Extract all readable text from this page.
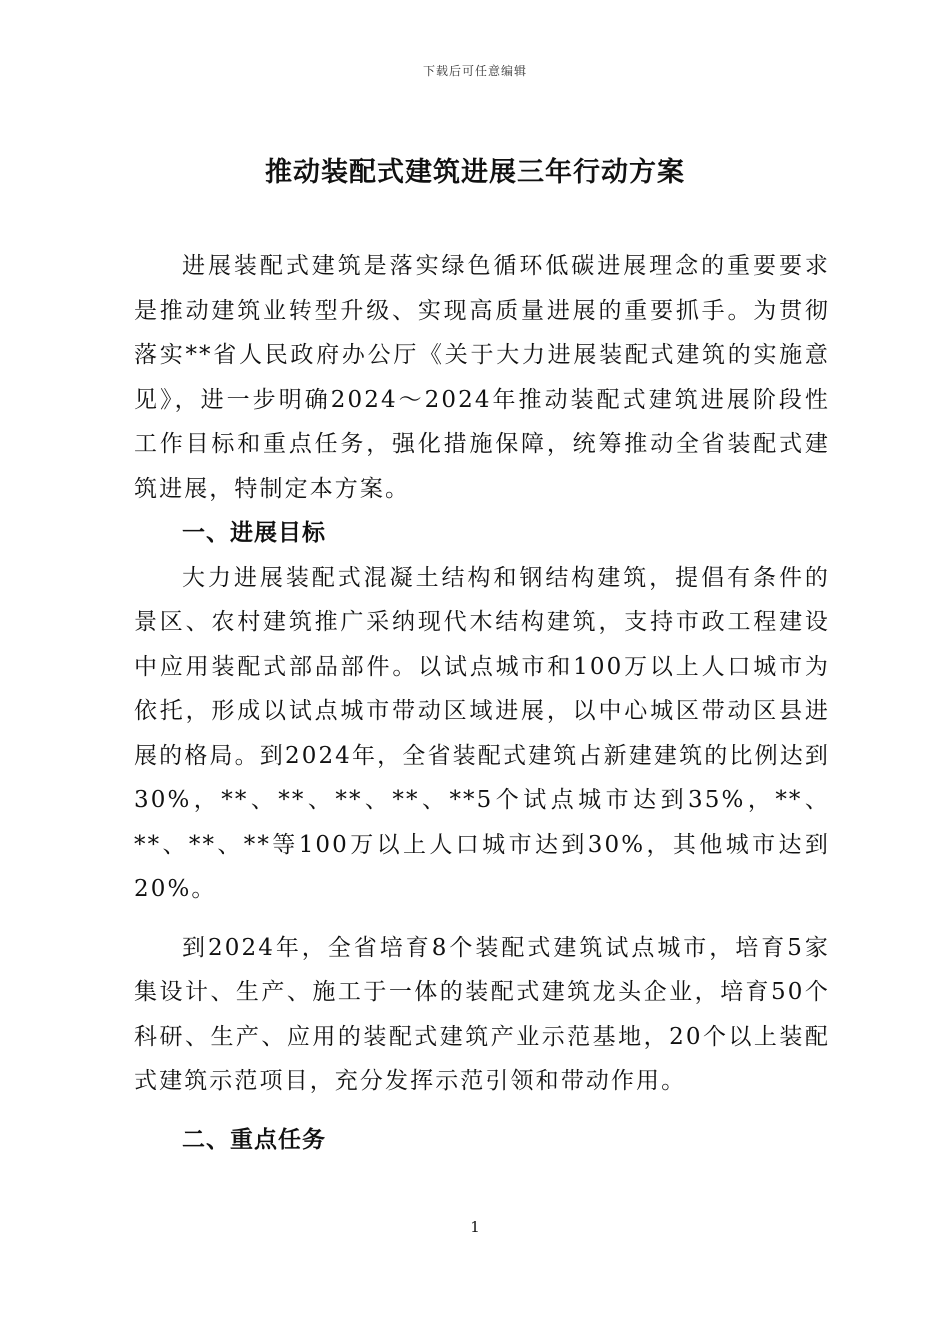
下载后可任意编辑
推动装配式建筑进展三年行动方案

进展装配式建筑是落实绿色循环低碳进展理念的重要要求是推动建筑业转型升级、实现高质量进展的重要抓手。为贯彻落实**省人民政府办公厅《关于大力进展装配式建筑的实施意见》，进一步明确2024～2024年推动装配式建筑进展阶段性工作目标和重点任务，强化措施保障，统筹推动全省装配式建筑进展，特制定本方案。

一、进展目标

大力进展装配式混凝土结构和钢结构建筑，提倡有条件的景区、农村建筑推广采纳现代木结构建筑，支持市政工程建设中应用装配式部品部件。以试点城市和100万以上人口城市为依托，形成以试点城市带动区域进展，以中心城区带动区县进展的格局。到2024年，全省装配式建筑占新建建筑的比例达到30%，**、**、**、**、**5个试点城市达到35%，**、**、**、**等100万以上人口城市达到30%，其他城市达到20%。

到2024年，全省培育8个装配式建筑试点城市，培育5家集设计、生产、施工于一体的装配式建筑龙头企业，培育50个科研、生产、应用的装配式建筑产业示范基地，20个以上装配式建筑示范项目，充分发挥示范引领和带动作用。

二、重点任务

1
